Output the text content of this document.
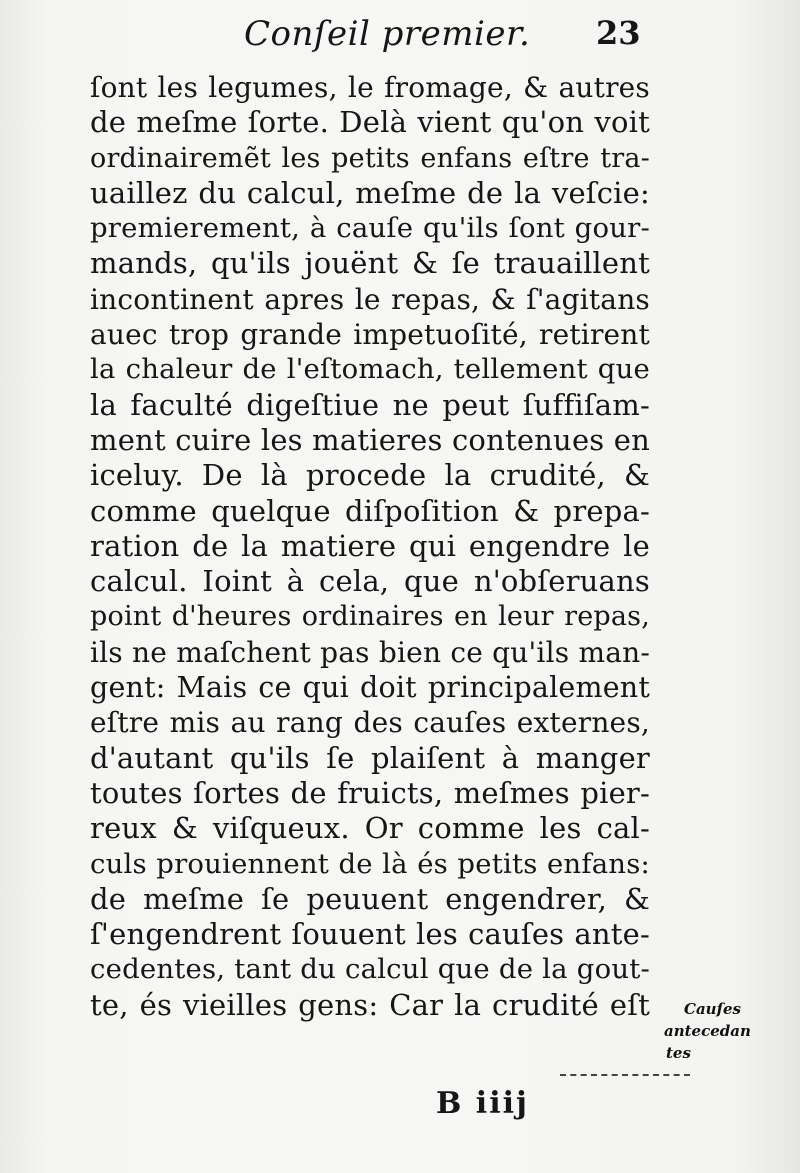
Conſeil premier. 23
ſont les legumes, le fromage, & autres
de meſme ſorte. Delà vient qu'on voit
ordinairemẽt les petits enfans eſtre tra-
uaillez du calcul, meſme de la veſcie:
premierement, à cauſe qu'ils ſont gour-
mands, qu'ils jouënt & ſe trauaillent
incontinent apres le repas, & ſ'agitans
auec trop grande impetuoſité, retirent
la chaleur de l'eſtomach, tellement que
la faculté digeſtiue ne peut ſuffiſam-
ment cuire les matieres contenues en
iceluy. De là procede la crudité, &
comme quelque diſpoſition & prepa-
ration de la matiere qui engendre le
calcul. Ioint à cela, que n'obſeruans
point d'heures ordinaires en leur repas,
ils ne maſchent pas bien ce qu'ils man-
gent: Mais ce qui doit principalement
eſtre mis au rang des cauſes externes,
d'autant qu'ils ſe plaiſent à manger
toutes ſortes de fruicts, meſmes pier-
reux & viſqueux. Or comme les cal-
culs prouiennent de là és petits enfans:
de meſme ſe peuuent engendrer, &
ſ'engendrent ſouuent les cauſes ante-
cedentes, tant du calcul que de la gout-
te, és vieilles gens: Car la crudité eſt	Cauſes
antecedan
tes
B iiij
